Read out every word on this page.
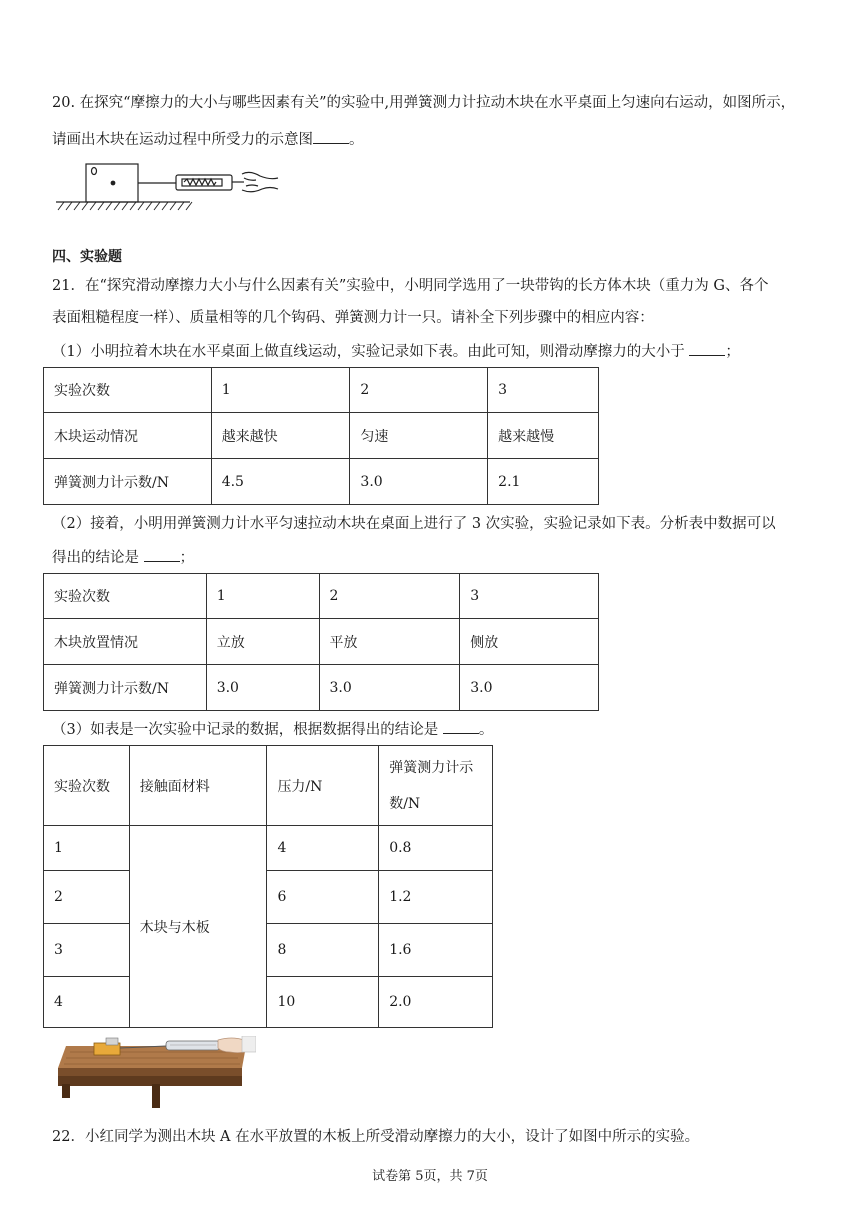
20. 在探究“摩擦力的大小与哪些因素有关”的实验中,用弹簧测力计拉动木块在水平桌面上匀速向右运动，如图所示，
请画出木块在运动过程中所受力的示意图 。
四、实验题
21．在“探究滑动摩擦力大小与什么因素有关”实验中，小明同学选用了一块带钩的长方体木块（重力为 G、各个
表面粗糙程度一样）、质量相等的几个钩码、弹簧测力计一只。请补全下列步骤中的相应内容：
（1）小明拉着木块在水平桌面上做直线运动，实验记录如下表。由此可知，则滑动摩擦力的大小于	；
实验次数	1	2	3
木块运动情况	越来越快	匀速	越来越慢
弹簧测力计示数/N	4.5	3.0	2.1
（2）接着，小明用弹簧测力计水平匀速拉动木块在桌面上进行了 3 次实验，实验记录如下表。分析表中数据可以
得出的结论是	；
实验次数	1	2	3
木块放置情况	立放	平放	侧放
弹簧测力计示数/N	3.0	3.0	3.0
（3）如表是一次实验中记录的数据，根据数据得出的结论是	。
实验次数	接触面材料	压力/N	弹簧测力计示
数/N
1	木块与木板	4	0.8
2		6	1.2
3		8	1.6
4		10	2.0
22．小红同学为测出木块 A 在水平放置的木板上所受滑动摩擦力的大小，设计了如图中所示的实验。
试卷第 5页，共 7页
